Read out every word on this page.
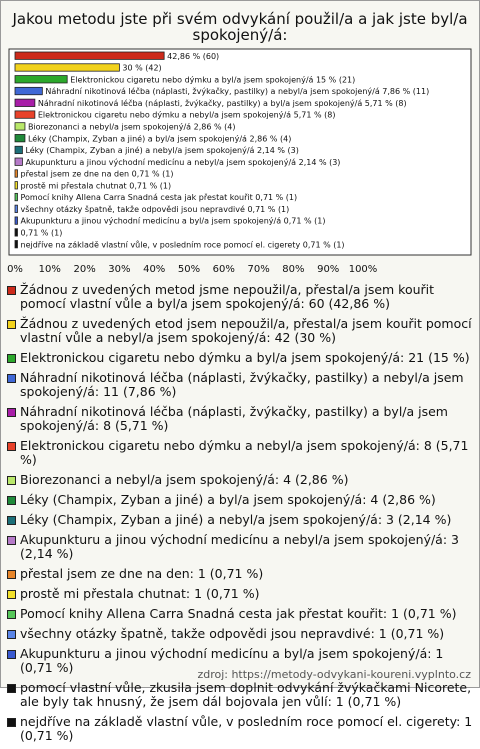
Jakou metodu jste při svém odvykání použil/a a jak jste byl/a spokojený/á:
42,86 % (60)
30 % (42)
Elektronickou cigaretu nebo dýmku a byl/a jsem spokojený/á 15 % (21)
Náhradní nikotinová léčba (náplasti, žvýkačky, pastilky) a nebyl/a jsem spokojený/á 7,86 % (11)
Náhradní nikotinová léčba (náplasti, žvýkačky, pastilky) a byl/a jsem spokojený/á 5,71 % (8)
Elektronickou cigaretu nebo dýmku a nebyl/a jsem spokojený/á 5,71 % (8)
Biorezonanci a nebyl/a jsem spokojený/á 2,86 % (4)
Léky (Champix, Zyban a jiné) a byl/a jsem spokojený/á 2,86 % (4)
Léky (Champix, Zyban a jiné) a nebyl/a jsem spokojený/á 2,14 % (3)
Akupunkturu a jinou východní medicínu a nebyl/a jsem spokojený/á 2,14 % (3)
přestal jsem ze dne na den 0,71 % (1)
prostě mi přestala chutnat 0,71 % (1)
Pomocí knihy Allena Carra Snadná cesta jak přestat kouřit 0,71 % (1)
všechny otázky špatně, takže odpovědi jsou nepravdivé 0,71 % (1)
Akupunkturu a jinou východní medicínu a byl/a jsem spokojený/á 0,71 % (1)
0,71 % (1)
nejdříve na základě vlastní vůle, v posledním roce pomocí el. cigerety 0,71 % (1)
0% 10% 20% 30% 40% 50% 60% 70% 80% 90% 100%
Žádnou z uvedených metod jsme nepoužil/a, přestal/a jsem kouřit pomocí vlastní vůle a byl/a jsem spokojený/á: 60 (42,86 %)
Žádnou z uvedených etod jsem nepoužil/a, přestal/a jsem kouřit pomocí vlastní vůle a nebyl/a jsem spokojený/á: 42 (30 %)
Elektronickou cigaretu nebo dýmku a byl/a jsem spokojený/á: 21 (15 %)
Náhradní nikotinová léčba (náplasti, žvýkačky, pastilky) a nebyl/a jsem spokojený/á: 11 (7,86 %)
Náhradní nikotinová léčba (náplasti, žvýkačky, pastilky) a byl/a jsem spokojený/á: 8 (5,71 %)
Elektronickou cigaretu nebo dýmku a nebyl/a jsem spokojený/á: 8 (5,71 %)
Biorezonanci a nebyl/a jsem spokojený/á: 4 (2,86 %)
Léky (Champix, Zyban a jiné) a byl/a jsem spokojený/á: 4 (2,86 %)
Léky (Champix, Zyban a jiné) a nebyl/a jsem spokojený/á: 3 (2,14 %)
Akupunkturu a jinou východní medicínu a nebyl/a jsem spokojený/á: 3 (2,14 %)
přestal jsem ze dne na den: 1 (0,71 %)
prostě mi přestala chutnat: 1 (0,71 %)
Pomocí knihy Allena Carra Snadná cesta jak přestat kouřit: 1 (0,71 %)
všechny otázky špatně, takže odpovědi jsou nepravdivé: 1 (0,71 %)
Akupunkturu a jinou východní medicínu a byl/a jsem spokojený/á: 1 (0,71 %)
pomocí vlastní vůle, zkusila jsem doplnit odvykání žvýkačkami Nicorete, ale byly tak hnusný, že jsem dál bojovala jen vůlí: 1 (0,71 %)
nejdříve na základě vlastní vůle, v posledním roce pomocí el. cigerety: 1 (0,71 %)
zdroj: https://metody-odvykani-koureni.vyplnto.cz
